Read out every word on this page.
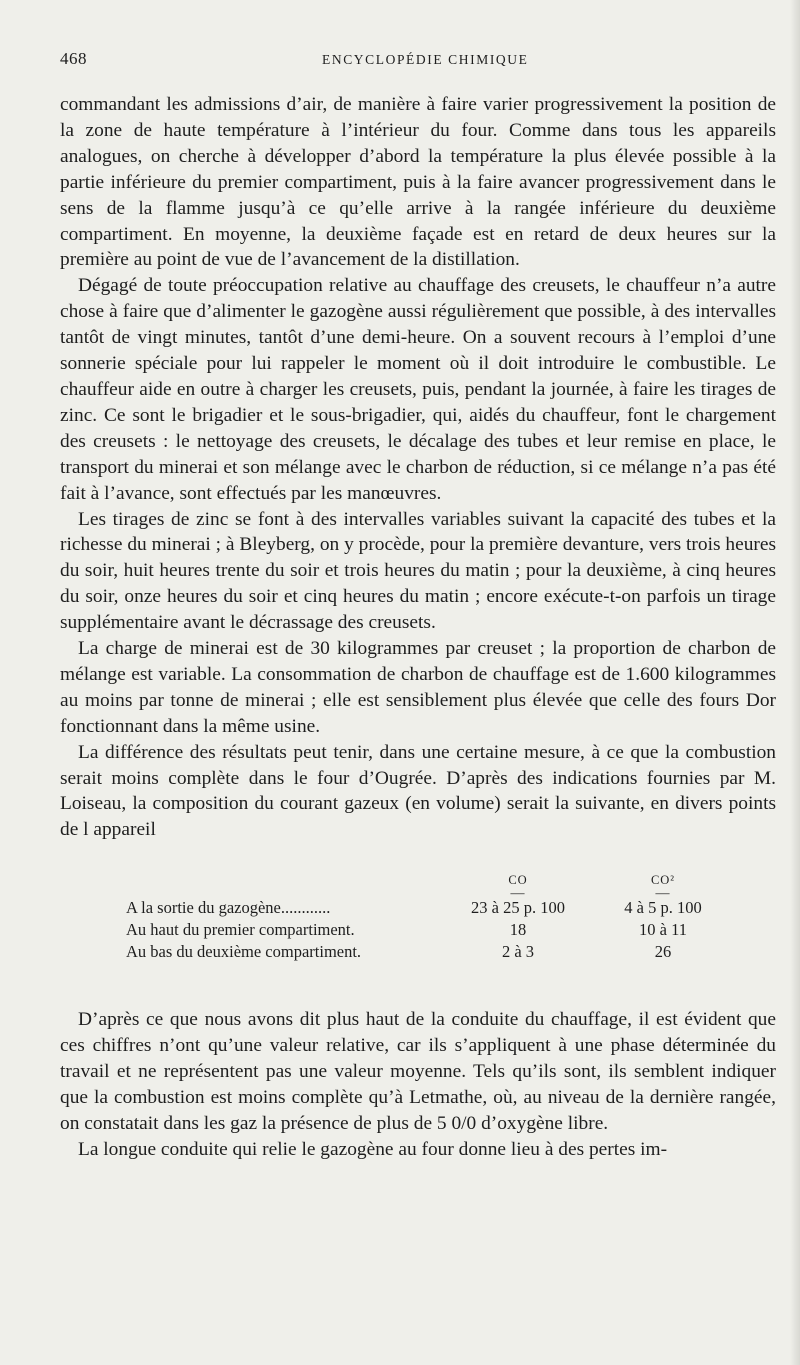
468	ENCYCLOPÉDIE CHIMIQUE

commandant les admissions d’air, de manière à faire varier progressivement la position de la zone de haute température à l’intérieur du four. Comme dans tous les appareils analogues, on cherche à développer d’abord la température la plus élevée possible à la partie inférieure du premier compartiment, puis à la faire avancer progressivement dans le sens de la flamme jusqu’à ce qu’elle arrive à la rangée inférieure du deuxième compartiment. En moyenne, la deuxième façade est en retard de deux heures sur la première au point de vue de l’avancement de la distillation.

Dégagé de toute préoccupation relative au chauffage des creusets, le chauffeur n’a autre chose à faire que d’alimenter le gazogène aussi régulièrement que possible, à des intervalles tantôt de vingt minutes, tantôt d’une demi-heure. On a souvent recours à l’emploi d’une sonnerie spéciale pour lui rappeler le moment où il doit introduire le combustible. Le chauffeur aide en outre à charger les creusets, puis, pendant la journée, à faire les tirages de zinc. Ce sont le brigadier et le sous-brigadier, qui, aidés du chauffeur, font le chargement des creusets : le nettoyage des creusets, le décalage des tubes et leur remise en place, le transport du minerai et son mélange avec le charbon de réduction, si ce mélange n’a pas été fait à l’avance, sont effectués par les manœuvres.

Les tirages de zinc se font à des intervalles variables suivant la capacité des tubes et la richesse du minerai ; à Bleyberg, on y procède, pour la première devanture, vers trois heures du soir, huit heures trente du soir et trois heures du matin ; pour la deuxième, à cinq heures du soir, onze heures du soir et cinq heures du matin ; encore exécute-t-on parfois un tirage supplémentaire avant le décrassage des creusets.

La charge de minerai est de 30 kilogrammes par creuset ; la proportion de charbon de mélange est variable. La consommation de charbon de chauffage est de 1.600 kilogrammes au moins par tonne de minerai ; elle est sensiblement plus élevée que celle des fours Dor fonctionnant dans la même usine.

La différence des résultats peut tenir, dans une certaine mesure, à ce que la combustion serait moins complète dans le four d’Ougrée. D’après des indications fournies par M. Loiseau, la composition du courant gazeux (en volume) serait la suivante, en divers points de l appareil

	CO
—	CO²
—

A la sortie du gazogène............	23 à 25 p. 100	4 à 5 p. 100
Au haut du premier compartiment.	18	10 à 11
Au bas du deuxième compartiment.	2 à 3	26

D’après ce que nous avons dit plus haut de la conduite du chauffage, il est évident que ces chiffres n’ont qu’une valeur relative, car ils s’appliquent à une phase déterminée du travail et ne représentent pas une valeur moyenne. Tels qu’ils sont, ils semblent indiquer que la combustion est moins complète qu’à Letmathe, où, au niveau de la dernière rangée, on constatait dans les gaz la présence de plus de 5 0/0 d’oxygène libre.

La longue conduite qui relie le gazogène au four donne lieu à des pertes im-
